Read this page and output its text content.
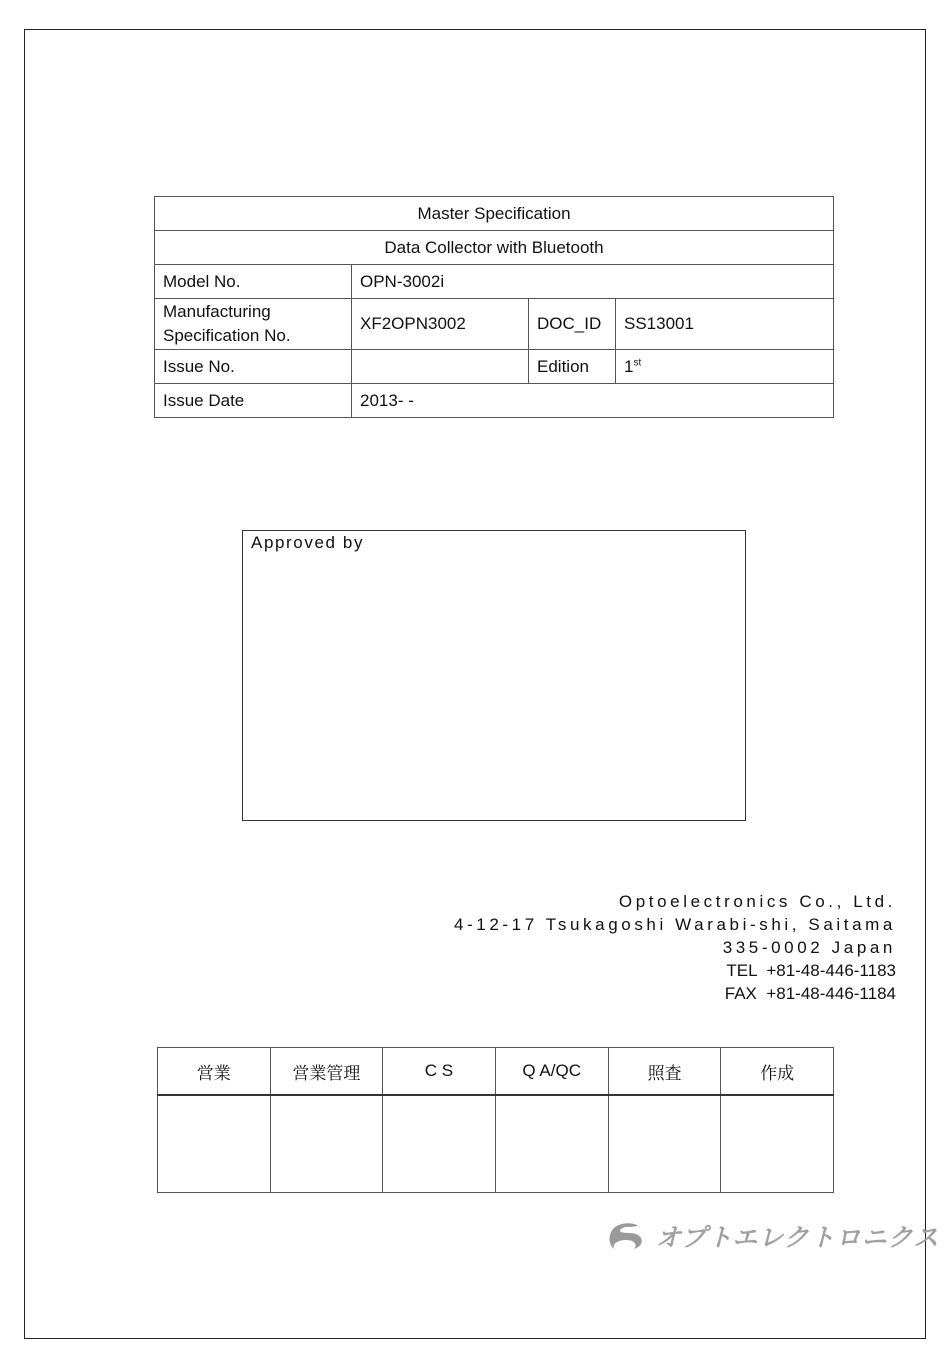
Master Specification			
Data Collector with Bluetooth			
Model No.	OPN-3002i		
Manufacturing
Specification No.	XF2OPN3002	DOC_ID	SS13001
Issue No.		Edition	1st
Issue Date	2013- -		
Approved by
Optoelectronics Co., Ltd.
4-12-17 Tsukagoshi Warabi-shi, Saitama
335-0002 Japan
TEL  +81-48-446-1183
FAX  +81-48-446-1184
営業	営業管理	C S	Q A/QC	照査	作成

オプトエレクトロニクス
